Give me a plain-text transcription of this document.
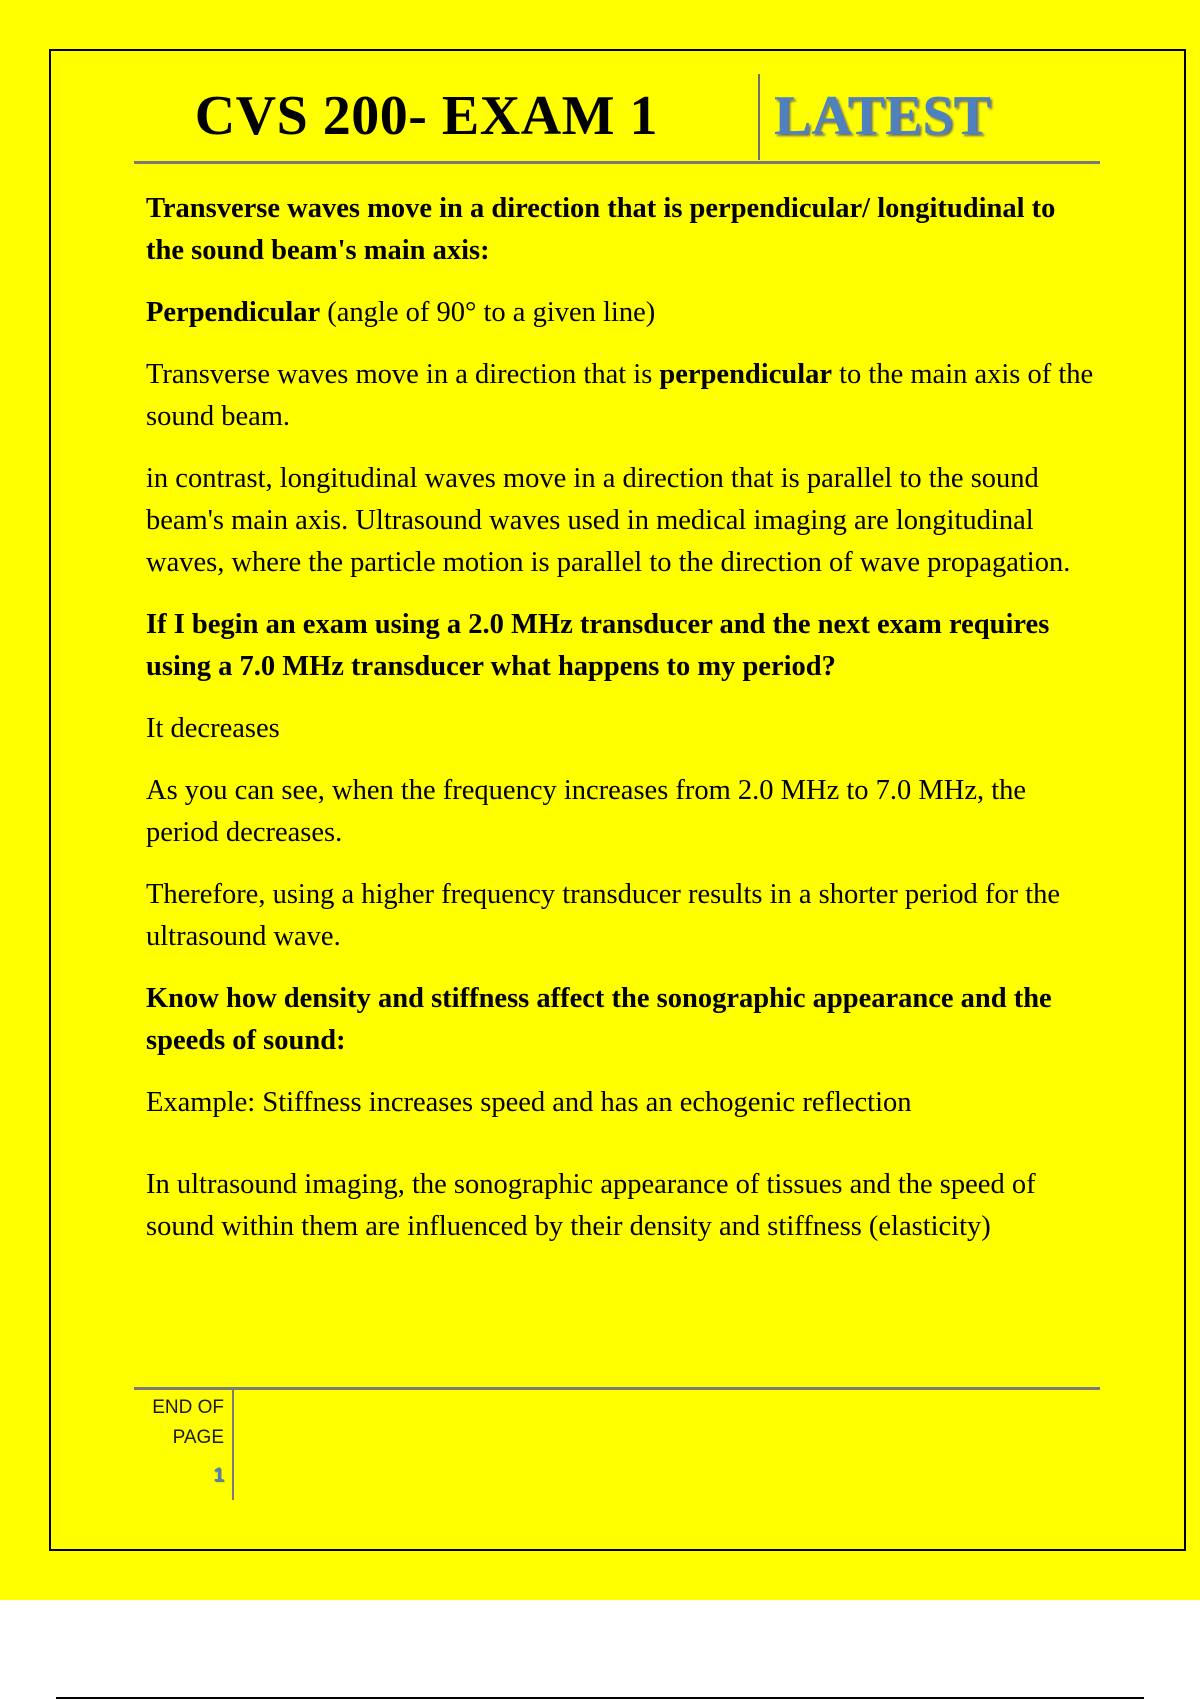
CVS 200- EXAM 1 LATEST

Transverse waves move in a direction that is perpendicular/ longitudinal to the sound beam's main axis:

Perpendicular (angle of 90° to a given line)

Transverse waves move in a direction that is perpendicular to the main axis of the sound beam.

in contrast, longitudinal waves move in a direction that is parallel to the sound beam's main axis. Ultrasound waves used in medical imaging are longitudinal waves, where the particle motion is parallel to the direction of wave propagation.

If I begin an exam using a 2.0 MHz transducer and the next exam requires using a 7.0 MHz transducer what happens to my period?

It decreases

As you can see, when the frequency increases from 2.0 MHz to 7.0 MHz, the period decreases.

Therefore, using a higher frequency transducer results in a shorter period for the ultrasound wave.

Know how density and stiffness affect the sonographic appearance and the speeds of sound:

Example: Stiffness increases speed and has an echogenic reflection

In ultrasound imaging, the sonographic appearance of tissues and the speed of sound within them are influenced by their density and stiffness (elasticity)

END OF
PAGE
1
